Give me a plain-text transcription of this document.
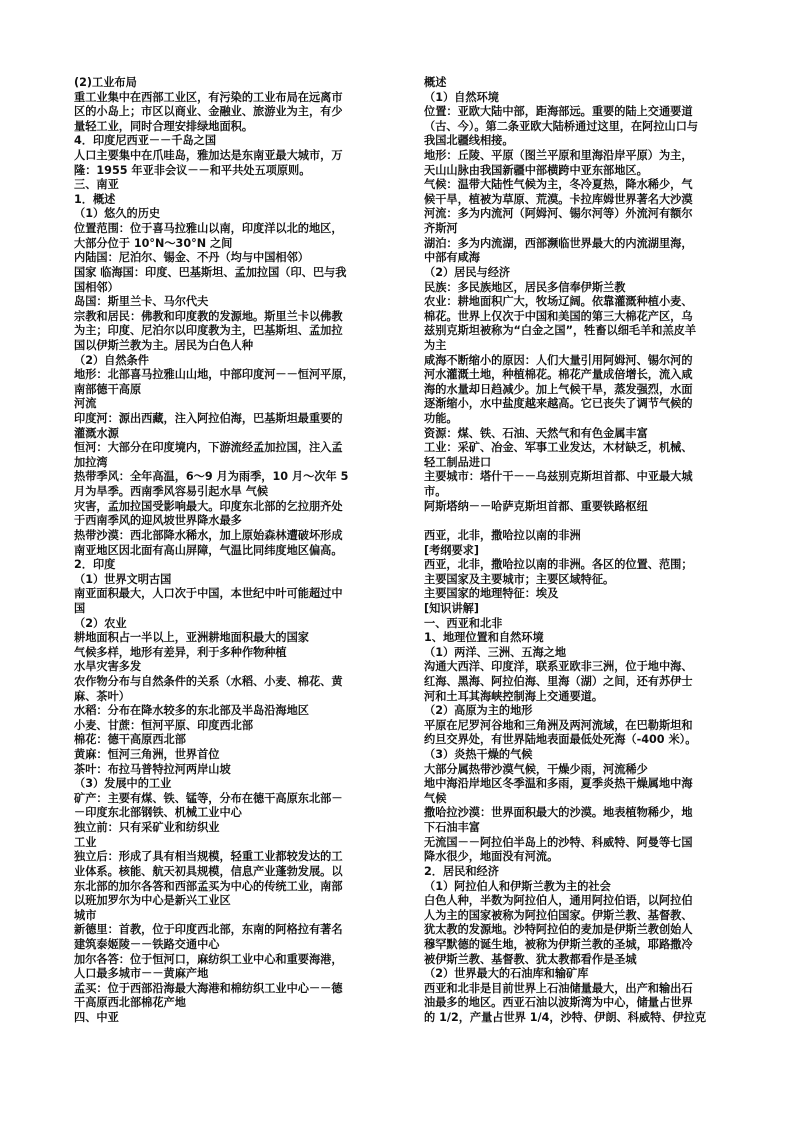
(2)工业布局
重工业集中在西部工业区，有污染的工业布局在远离市
区的小岛上；市区以商业、金融业、旅游业为主，有少
量轻工业，同时合理安排绿地面积。
4．印度尼西亚－－千岛之国
人口主要集中在爪哇岛，雅加达是东南亚最大城市，万
隆：1955 年亚非会议－－和平共处五项原则。
三、南亚
1．概述
（1）悠久的历史
位置范围：位于喜马拉雅山以南，印度洋以北的地区，
大部分位于 10°N～30°N 之间
内陆国：尼泊尔、锡金、不丹（均与中国相邻）
国家 临海国：印度、巴基斯坦、孟加拉国（印、巴与我
国相邻）
岛国：斯里兰卡、马尔代夫
宗教和居民：佛教和印度教的发源地。斯里兰卡以佛教
为主；印度、尼泊尔以印度教为主，巴基斯坦、孟加拉
国以伊斯兰教为主。居民为白色人种
（2）自然条件
地形：北部喜马拉雅山山地，中部印度河－－恒河平原，
南部德干高原
河流
印度河：源出西藏，注入阿拉伯海，巴基斯坦最重要的
灌溉水源
恒河：大部分在印度境内，下游流经孟加拉国，注入孟
加拉湾
热带季风：全年高温，6～9 月为雨季，10 月～次年 5
月为旱季。西南季风容易引起水旱 气候
灾害，孟加拉国受影响最大。印度东北部的乞拉朋齐处
于西南季风的迎风坡世界降水最多
热带沙漠：西北部降水稀水，加上原始森林遭破坏形成
南亚地区因北面有高山屏障，气温比同纬度地区偏高。
2．印度
（1）世界文明古国
南亚面积最大，人口次于中国，本世纪中叶可能超过中
国
（2）农业
耕地面积占一半以上，亚洲耕地面积最大的国家
气候多样，地形有差异，利于多种作物种植
水旱灾害多发
农作物分布与自然条件的关系（水稻、小麦、棉花、黄
麻、茶叶）
水稻：分布在降水较多的东北部及半岛沿海地区
小麦、甘蔗：恒河平原、印度西北部
棉花：德干高原西北部
黄麻：恒河三角洲，世界首位
茶叶：布拉马普特拉河两岸山坡
（3）发展中的工业
矿产：主要有煤、铁、锰等，分布在德干高原东北部－
－印度东北部钢铁、机械工业中心
独立前：只有采矿业和纺织业
工业
独立后：形成了具有相当规模，轻重工业都较发达的工
业体系。核能、航天初具规模，信息产业蓬勃发展。以
东北部的加尔各答和西部孟买为中心的传统工业，南部
以班加罗尔为中心是新兴工业区
城市
新德里：首教，位于印度西北部，东南的阿格拉有著名
建筑泰姬陵－－铁路交通中心
加尔各答：位于恒河口，麻纺织工业中心和重要海港，
人口最多城市－－黄麻产地
孟买：位于西部沿海最大海港和棉纺织工业中心－－德
干高原西北部棉花产地
四、中亚
概述
（1）自然环境
位置：亚欧大陆中部，距海部远。重要的陆上交通要道
（古、今）。第二条亚欧大陆桥通过这里，在阿拉山口与
我国北疆线相接。
地形：丘陵、平原（图兰平原和里海沿岸平原）为主，
天山山脉由我国新疆中部横跨中亚东部地区。
气候：温带大陆性气候为主，冬冷夏热，降水稀少，气
候干旱，植被为草原、荒漠。卡拉库姆世界著名大沙漠
河流：多为内流河（阿姆河、锡尔河等）外流河有额尔
齐斯河
湖泊：多为内流湖，西部濒临世界最大的内流湖里海，
中部有咸海
（2）居民与经济
民族：多民族地区，居民多信奉伊斯兰教
农业：耕地面积广大，牧场辽阔。依靠灌溉种植小麦、
棉花。世界上仅次于中国和美国的第三大棉花产区，乌
兹别克斯坦被称为“白金之国”，牲畜以细毛羊和羔皮羊
为主
咸海不断缩小的原因：人们大量引用阿姆河、锡尔河的
河水灌溉土地，种植棉花。棉花产量成倍增长，流入咸
海的水量却日趋减少。加上气候干旱，蒸发强烈，水面
逐渐缩小，水中盐度越来越高。它已丧失了调节气候的
功能。
资源：煤、铁、石油、天然气和有色金属丰富
工业：采矿、冶金、军事工业发达，木材缺乏，机械、
轻工制品进口
主要城市：塔什干－－乌兹别克斯坦首都、中亚最大城
市。
阿斯塔纳－－哈萨克斯坦首都、重要铁路枢纽
西亚，北非，撒哈拉以南的非洲
[考纲要求]
西亚，北非，撒哈拉以南的非洲。各区的位置、范围；
主要国家及主要城市；主要区域特征。
主要国家的地理特征：埃及
[知识讲解]
一、西亚和北非
1、地理位置和自然环境
（1）两洋、三洲、五海之地
沟通大西洋、印度洋，联系亚欧非三洲，位于地中海、
红海、黑海、阿拉伯海、里海（湖）之间，还有苏伊士
河和土耳其海峡控制海上交通要道。
（2）高原为主的地形
平原在尼罗河谷地和三角洲及两河流域，在巴勒斯坦和
约旦交界处，有世界陆地表面最低处死海（-400 米）。
（3）炎热干燥的气候
大部分属热带沙漠气候，干燥少雨，河流稀少
地中海沿岸地区冬季温和多雨，夏季炎热干燥属地中海
气候
撒哈拉沙漠：世界面积最大的沙漠。地表植物稀少，地
下石油丰富
无流国－－阿拉伯半岛上的沙特、科威特、阿曼等七国
降水很少，地面没有河流。
2．居民和经济
（1）阿拉伯人和伊斯兰教为主的社会
白色人种，半数为阿拉伯人，通用阿拉伯语，以阿拉伯
人为主的国家被称为阿拉伯国家。伊斯兰教、基督教、
犹太教的发源地。沙特阿拉伯的麦加是伊斯兰教创始人
穆罕默德的诞生地，被称为伊斯兰教的圣城，耶路撒冷
被伊斯兰教、基督教、犹太教都看作是圣城
（2）世界最大的石油库和输矿库
西亚和北非是目前世界上石油储量最大，出产和输出石
油最多的地区。西亚石油以波斯湾为中心，储量占世界
的 1/2，产量占世界 1/4，沙特、伊朗、科威特、伊拉克
